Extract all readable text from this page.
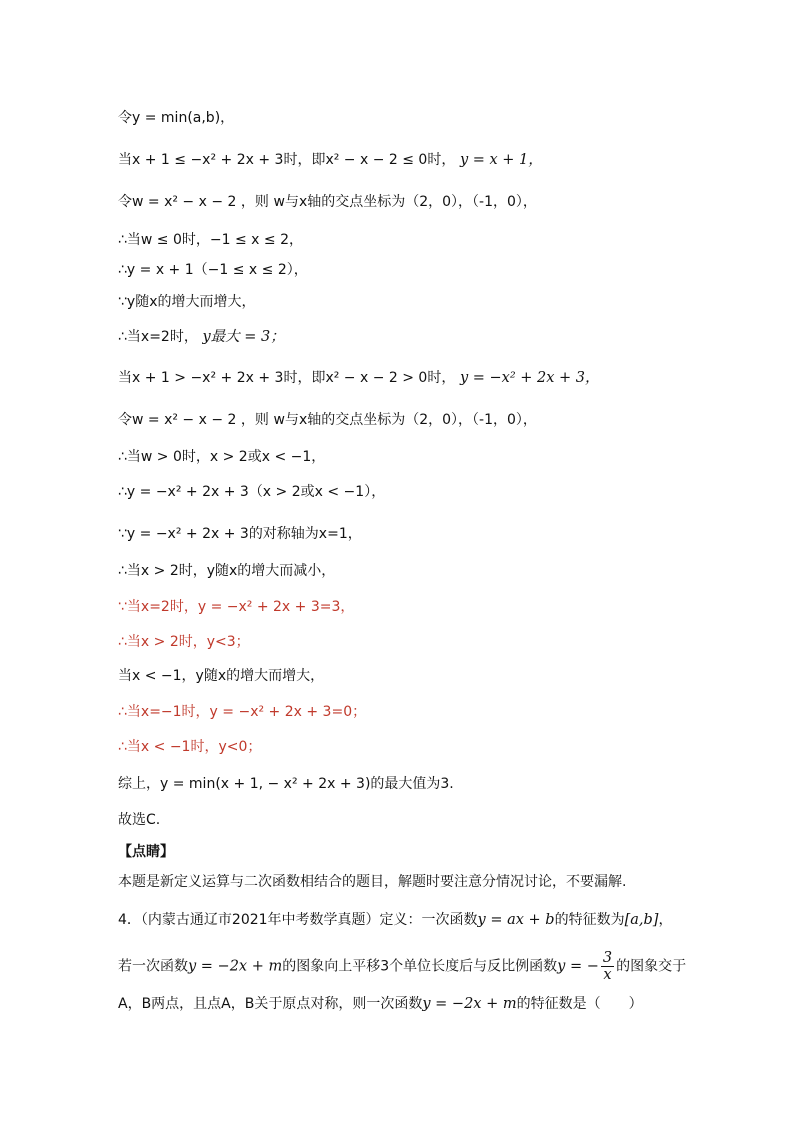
令y = min(a,b)，
当x + 1 ≤ −x² + 2x + 3时，即x² − x − 2 ≤ 0时， y = x + 1，
令w = x² − x − 2 ，则 w与x轴的交点坐标为（2，0），（-1，0），
∴当w ≤ 0时，−1 ≤ x ≤ 2，
∴y = x + 1（−1 ≤ x ≤ 2），
∵y随x的增大而增大，
∴当x=2时， y最大 = 3；
当x + 1 > −x² + 2x + 3时，即x² − x − 2 > 0时， y = −x² + 2x + 3，
令w = x² − x − 2 ，则 w与x轴的交点坐标为（2，0），（-1，0），
∴当w > 0时，x > 2或x < −1，
∴y = −x² + 2x + 3（x > 2或x < −1），
∵y = −x² + 2x + 3的对称轴为x=1，
∴当x > 2时，y随x的增大而减小，
∵当x=2时，y = −x² + 2x + 3=3，
∴当x > 2时，y<3；
当x < −1，y随x的增大而增大，
∴当x=−1时，y = −x² + 2x + 3=0；
∴当x < −1时，y<0；
综上，y = min(x + 1, − x² + 2x + 3)的最大值为3.
故选C.
【点睛】
本题是新定义运算与二次函数相结合的题目，解题时要注意分情况讨论，不要漏解.
4．（内蒙古通辽市2021年中考数学真题）定义：一次函数y = ax + b的特征数为[a,b]，
若一次函数y = −2x + m的图象向上平移3个单位长度后与反比例函数y = − $\frac{3}{x}$ 的图象交于
A，B两点，且点A，B关于原点对称，则一次函数y = −2x + m的特征数是（　　）
